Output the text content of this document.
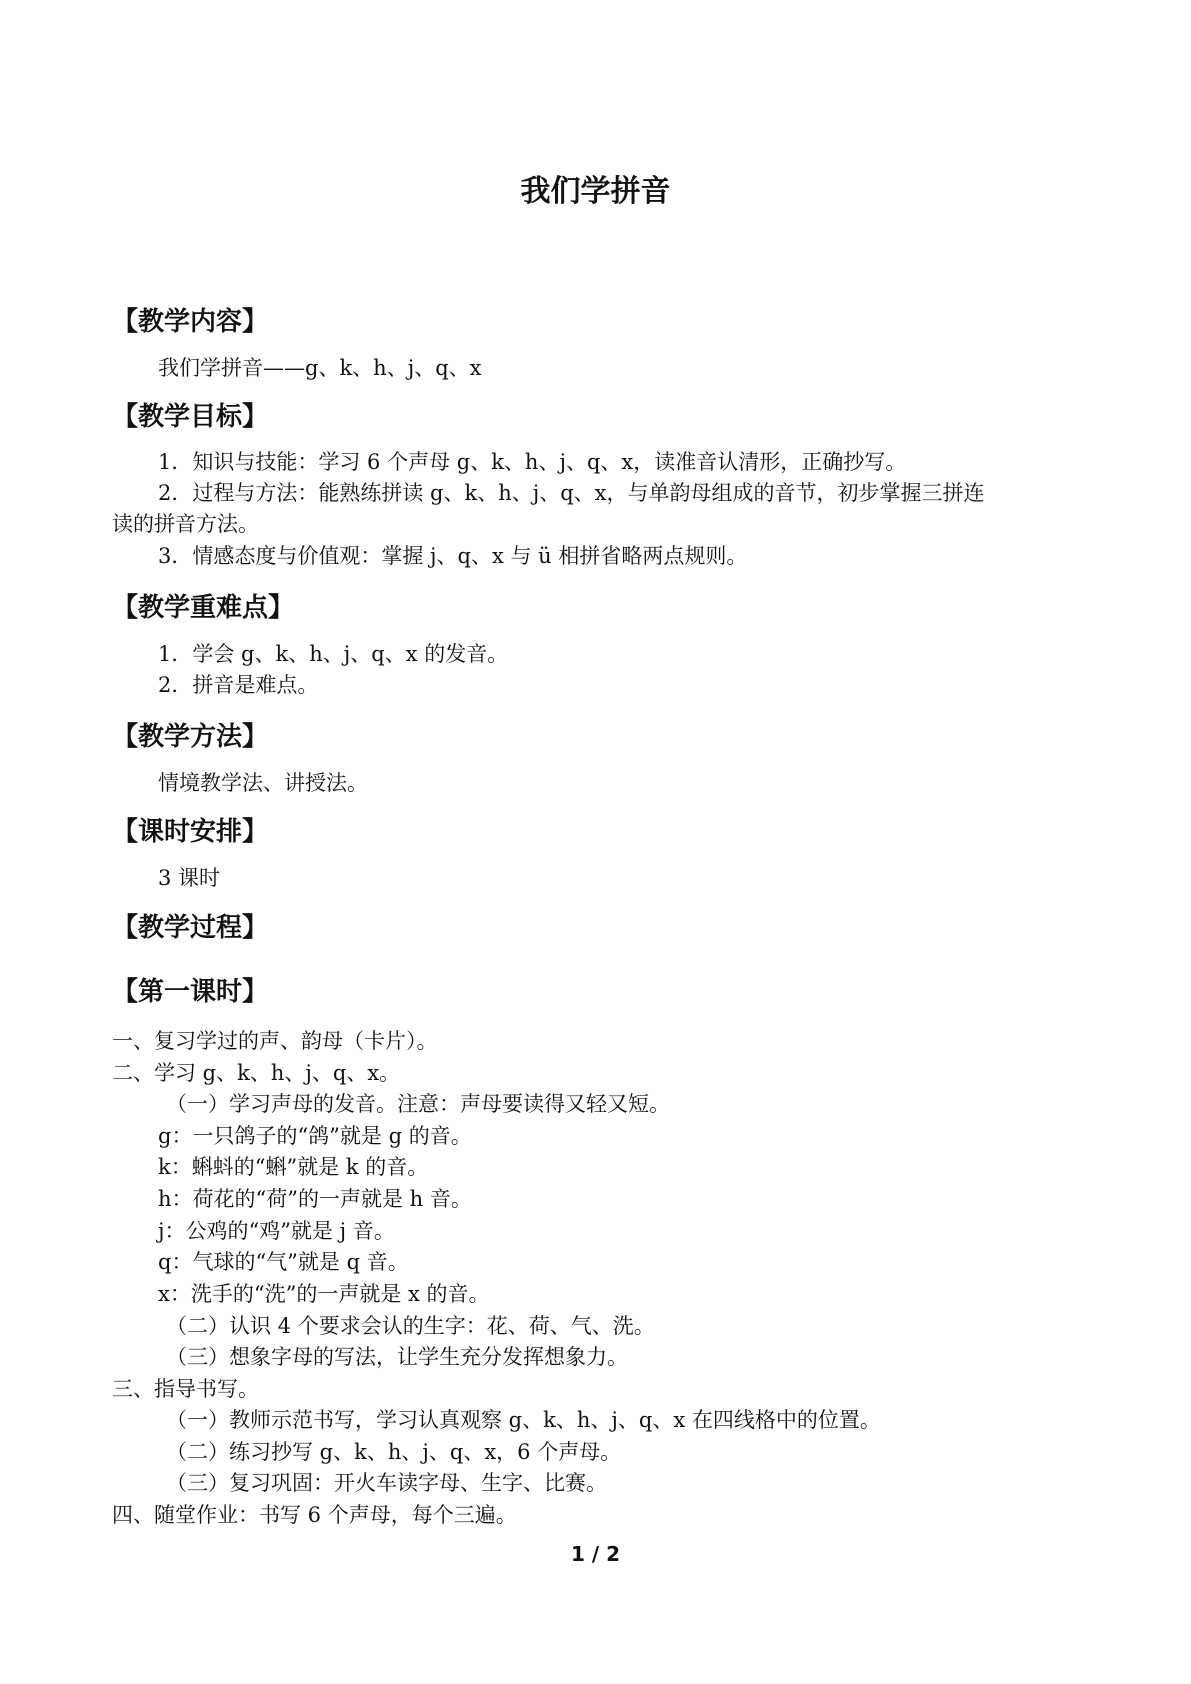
我们学拼音
【教学内容】
我们学拼音——g、k、h、j、q、x
【教学目标】
1．知识与技能：学习 6 个声母 g、k、h、j、q、x，读准音认清形，正确抄写。
2．过程与方法：能熟练拼读 g、k、h、j、q、x，与单韵母组成的音节，初步掌握三拼连
读的拼音方法。
3．情感态度与价值观：掌握 j、q、x 与 ü 相拼省略两点规则。
【教学重难点】
1．学会 g、k、h、j、q、x 的发音。
2．拼音是难点。
【教学方法】
情境教学法、讲授法。
【课时安排】
3 课时
【教学过程】
【第一课时】
一、复习学过的声、韵母（卡片）。
二、学习 g、k、h、j、q、x。
（一）学习声母的发音。注意：声母要读得又轻又短。
g：一只鸽子的“鸽”就是 g 的音。
k：蝌蚪的“蝌”就是 k 的音。
h：荷花的“荷”的一声就是 h 音。
j：公鸡的“鸡”就是 j 音。
q：气球的“气”就是 q 音。
x：洗手的“洗”的一声就是 x 的音。
（二）认识 4 个要求会认的生字：花、荷、气、洗。
（三）想象字母的写法，让学生充分发挥想象力。
三、指导书写。
（一）教师示范书写，学习认真观察 g、k、h、j、q、x 在四线格中的位置。
（二）练习抄写 g、k、h、j、q、x，6 个声母。
（三）复习巩固：开火车读字母、生字、比赛。
四、随堂作业：书写 6 个声母，每个三遍。
1 / 2
